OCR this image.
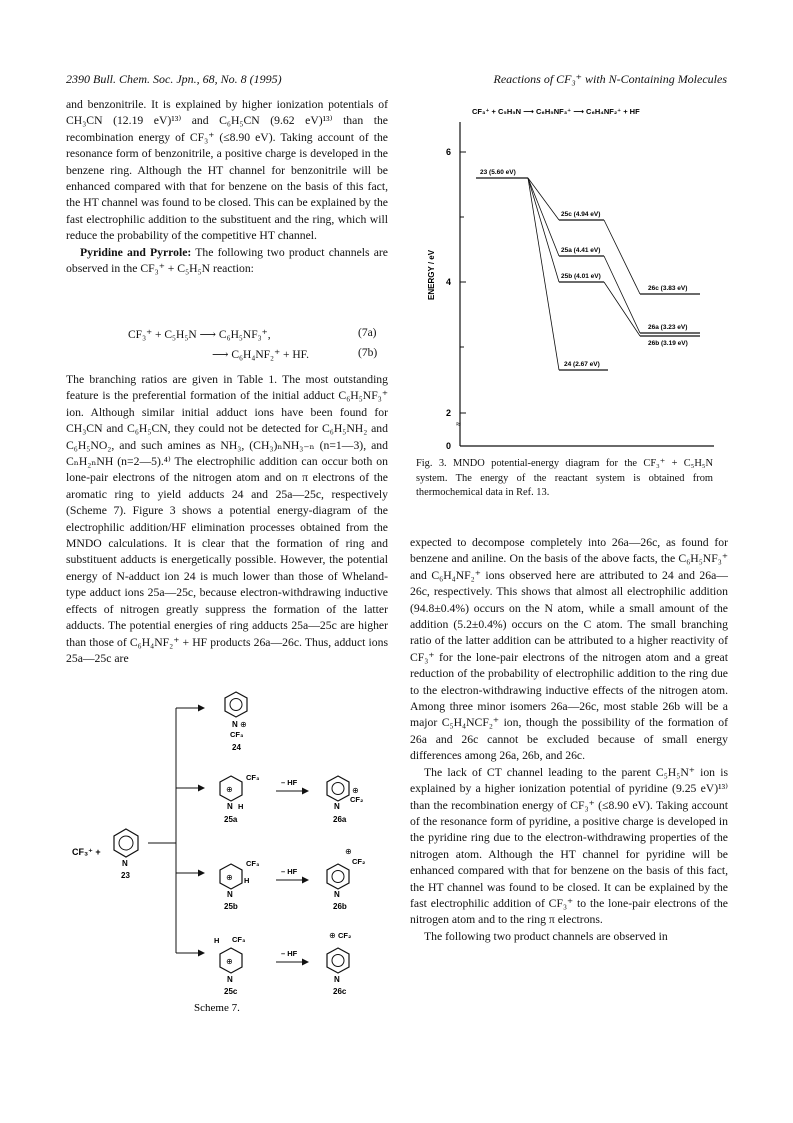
2390 Bull. Chem. Soc. Jpn., 68, No. 8 (1995)	Reactions of CF₃⁺ with N-Containing Molecules

and benzonitrile. It is explained by higher ionization potentials of CH₃CN (12.19 eV)¹³⁾ and C₆H₅CN (9.62 eV)¹³⁾ than the recombination energy of CF₃⁺ (≤8.90 eV). Taking account of the resonance form of benzonitrile, a positive charge is developed in the benzene ring. Although the HT channel for benzonitrile will be enhanced compared with that for benzene on the basis of this fact, the HT channel was found to be closed. This can be explained by the fast electrophilic addition to the substituent and the ring, which will reduce the probability of the competitive HT channel.

Pyridine and Pyrrole: The following two product channels are observed in the CF₃⁺ + C₅H₅N reaction:

CF₃⁺ + C₅H₅N ⟶ C₆H₅NF₃⁺,	(7a)
⟶ C₆H₄NF₂⁺ + HF.	(7b)

The branching ratios are given in Table 1. The most outstanding feature is the preferential formation of the initial adduct C₆H₅NF₃⁺ ion. Although similar initial adduct ions have been found for CH₃CN and C₆H₅CN, they could not be detected for C₆H₅NH₂ and C₆H₅NO₂, and such amines as NH₃, (CH₃)ₙNH₃₋ₙ (n=1—3), and CₙH₂ₙNH (n=2—5).⁴⁾ The electrophilic addition can occur both on lone-pair electrons of the nitrogen atom and on π electrons of the aromatic ring to yield adducts 24 and 25a—25c, respectively (Scheme 7). Figure 3 shows a potential energy-diagram of the electrophilic addition/HF elimination processes obtained from the MNDO calculations. It is clear that the formation of ring and substituent adducts is energetically possible. However, the potential energy of N-adduct ion 24 is much lower than those of Wheland-type adduct ions 25a—25c, because electron-withdrawing inductive effects of nitrogen greatly suppress the formation of the latter adducts. The potential energies of ring adducts 25a—25c are higher than those of C₆H₄NF₂⁺ + HF products 26a—26c. Thus, adduct ions 25a—25c are

CF₃⁺ +
N
23
N ⊕
CF₃
24
⊕
N H
CF₃
25a
– HF
N
⊕
CF₂
26a
⊕
N
H
CF₃
25b
– HF
N
⊕
CF₂
26b
H CF₃
⊕
N
25c
– HF
⊕ CF₂
N
26c
Scheme 7.
CF₃⁺ + C₅H₅N ⟶ C₆H₅NF₃⁺ ⟶ C₆H₄NF₂⁺ + HF
6
4
2
0
≈
ENERGY / eV
23 (5.60 eV)
25c (4.94 eV)
25a (4.41 eV)
25b (4.01 eV)
26c (3.83 eV)
26a (3.23 eV)
26b (3.19 eV)
24 (2.67 eV)
Fig. 3. MNDO potential-energy diagram for the CF₃⁺ + C₅H₅N system. The energy of the reactant system is obtained from thermochemical data in Ref. 13.

expected to decompose completely into 26a—26c, as found for benzene and aniline. On the basis of the above facts, the C₆H₅NF₃⁺ and C₆H₄NF₂⁺ ions observed here are attributed to 24 and 26a—26c, respectively. This shows that almost all electrophilic addition (94.8±0.4%) occurs on the N atom, while a small amount of the addition (5.2±0.4%) occurs on the C atom. The small branching ratio of the latter addition can be attributed to a higher reactivity of CF₃⁺ for the lone-pair electrons of the nitrogen atom and a great reduction of the probability of electrophilic addition to the ring due to the electron-withdrawing inductive effects of the nitrogen atom. Among three minor isomers 26a—26c, most stable 26b will be a major C₅H₄NCF₂⁺ ion, though the possibility of the formation of 26a and 26c cannot be excluded because of small energy differences among 26a, 26b, and 26c.

The lack of CT channel leading to the parent C₅H₅N⁺ ion is explained by a higher ionization potential of pyridine (9.25 eV)¹³⁾ than the recombination energy of CF₃⁺ (≤8.90 eV). Taking account of the resonance form of pyridine, a positive charge is developed in the pyridine ring due to the electron-withdrawing properties of the nitrogen atom. Although the HT channel for pyridine will be enhanced compared with that for benzene on the basis of this fact, the HT channel was found to be closed. It can be explained by the fast electrophilic addition of CF₃⁺ to the lone-pair electrons of the nitrogen atom and to the ring π electrons.

The following two product channels are observed in
